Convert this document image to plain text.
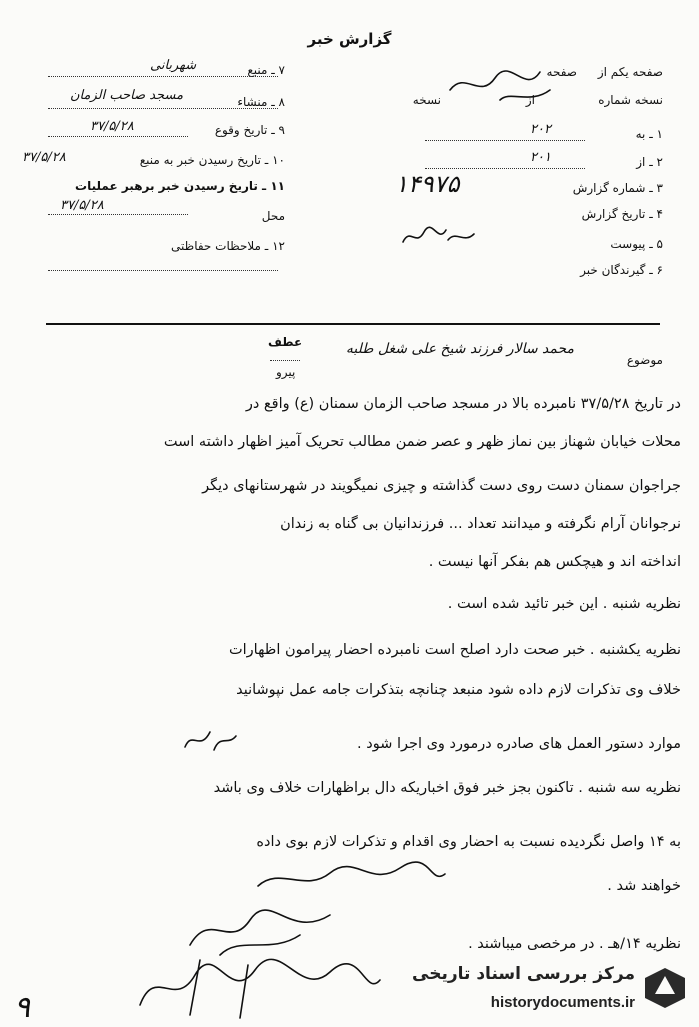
گزارش خبر
۷ ـ منبع
شهربانی
۸ ـ منشاء
مسجد صاحب الزمان
۹ ـ تاریخ وقوع
۳۷/۵/۲۸
۱۰ ـ تاریخ رسیدن خبر به منبع
۳۷/۵/۲۸
۱۱ ـ تاریخ رسیدن خبر برهبر عملیات
محل
۳۷/۵/۲۸
۱۲ ـ ملاحظات حفاظتی
صفحه یکم از
صفحه
نسخه شماره
از
نسخه
۱ ـ به
۲۰۲
۲ ـ از
۲۰۱
۳ ـ شماره گزارش
۱۴۹۷۵
۴ ـ تاریخ گزارش
۵ ـ پیوست
۶ ـ گیرندگان خبر
موضوع
محمد سالار فرزند شیخ علی شغل طلبه
عطف
پیرو
در تاریخ ۳۷/۵/۲۸ نامبرده بالا در مسجد صاحب الزمان سمنان (ع) واقع در
محلات خیابان شهناز بین نماز ظهر و عصر ضمن مطالب تحریک آمیز اظهار داشته است
جراجوان سمنان دست روی دست گذاشته و چیزی نمیگویند در شهرستانهای دیگر
نرجوانان آرام نگرفته و میدانند تعداد ... فرزندانیان بی گناه به زندان
انداخته اند و هیچکس هم بفکر آنها نیست .
نظریه شنبه . این خبر تائید شده است .
نظریه یکشنبه . خبر صحت دارد اصلح است نامبرده احضار پیرامون اظهارات
خلاف وی تذکرات لازم داده شود منبعد چنانچه بتذکرات جامه عمل نپوشانید
موارد دستور العمل های صادره درمورد وی اجرا شود .
نظریه سه شنبه . تاکنون بجز خبر فوق اخباریکه دال براظهارات خلاف وی باشد
به ۱۴ واصل نگردیده نسبت به احضار وی اقدام و تذکرات لازم بوی داده
خواهند شد .
نظریه ۱۴/هـ . در مرخصی میباشند .
۹
مرکز بررسی اسناد تاریخی
historydocuments.ir
